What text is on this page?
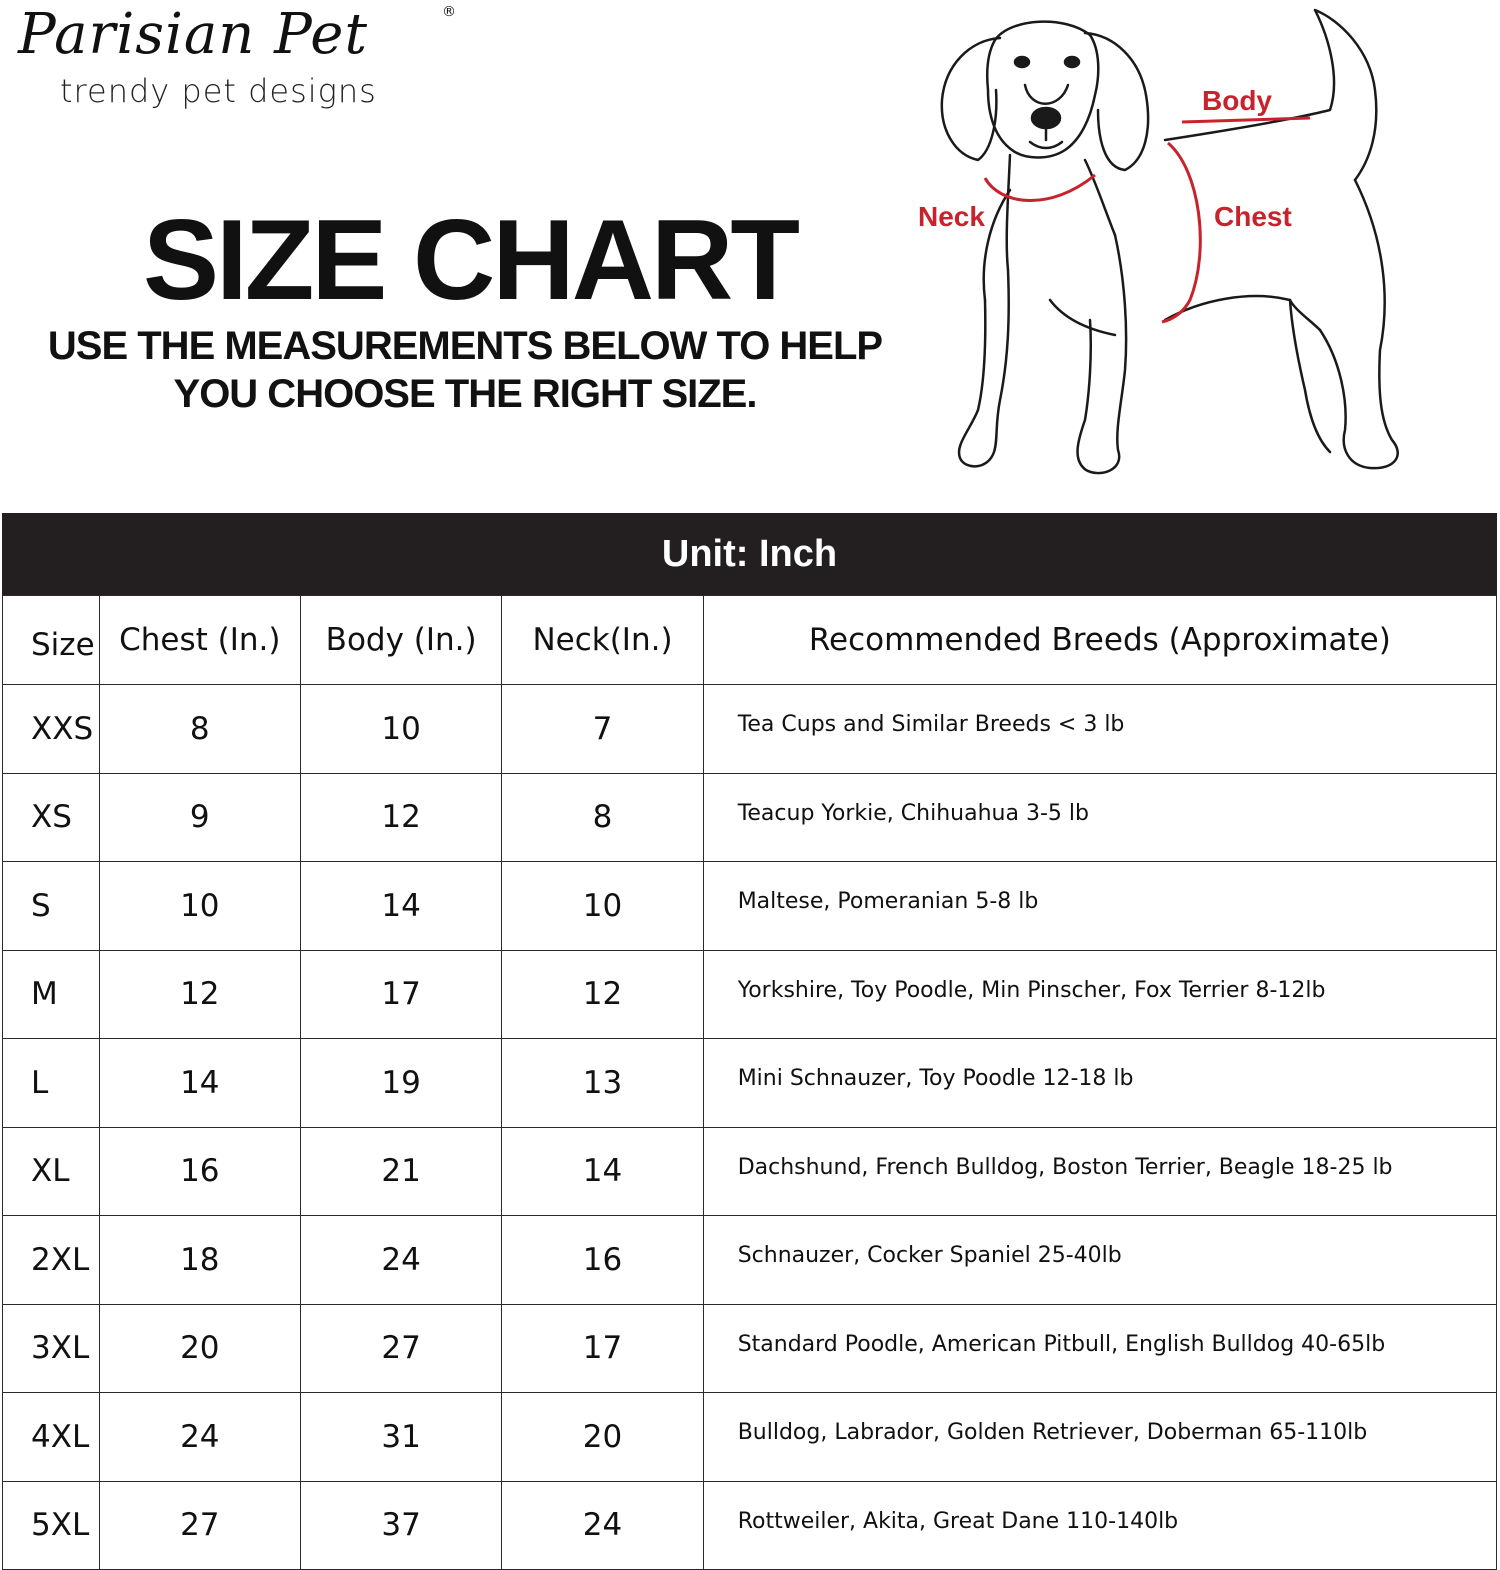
Parisian Pet	®
trendy pet designs
SIZE CHART
USE THE MEASUREMENTS BELOW TO HELP
YOU CHOOSE THE RIGHT SIZE.
Body
Neck	Chest
Unit: Inch
Size	Chest (In.)	Body (In.)	Neck(In.)	Recommended Breeds (Approximate)
XXS	8	10	7	Tea Cups and Similar Breeds < 3 lb
XS	9	12	8	Teacup Yorkie, Chihuahua 3-5 lb
S	10	14	10	Maltese, Pomeranian 5-8 lb
M	12	17	12	Yorkshire, Toy Poodle, Min Pinscher, Fox Terrier 8-12lb
L	14	19	13	Mini Schnauzer, Toy Poodle 12-18 lb
XL	16	21	14	Dachshund, French Bulldog, Boston Terrier, Beagle 18-25 lb
2XL	18	24	16	Schnauzer, Cocker Spaniel 25-40lb
3XL	20	27	17	Standard Poodle, American Pitbull, English Bulldog 40-65lb
4XL	24	31	20	Bulldog, Labrador, Golden Retriever, Doberman 65-110lb
5XL	27	37	24	Rottweiler, Akita, Great Dane 110-140lb
